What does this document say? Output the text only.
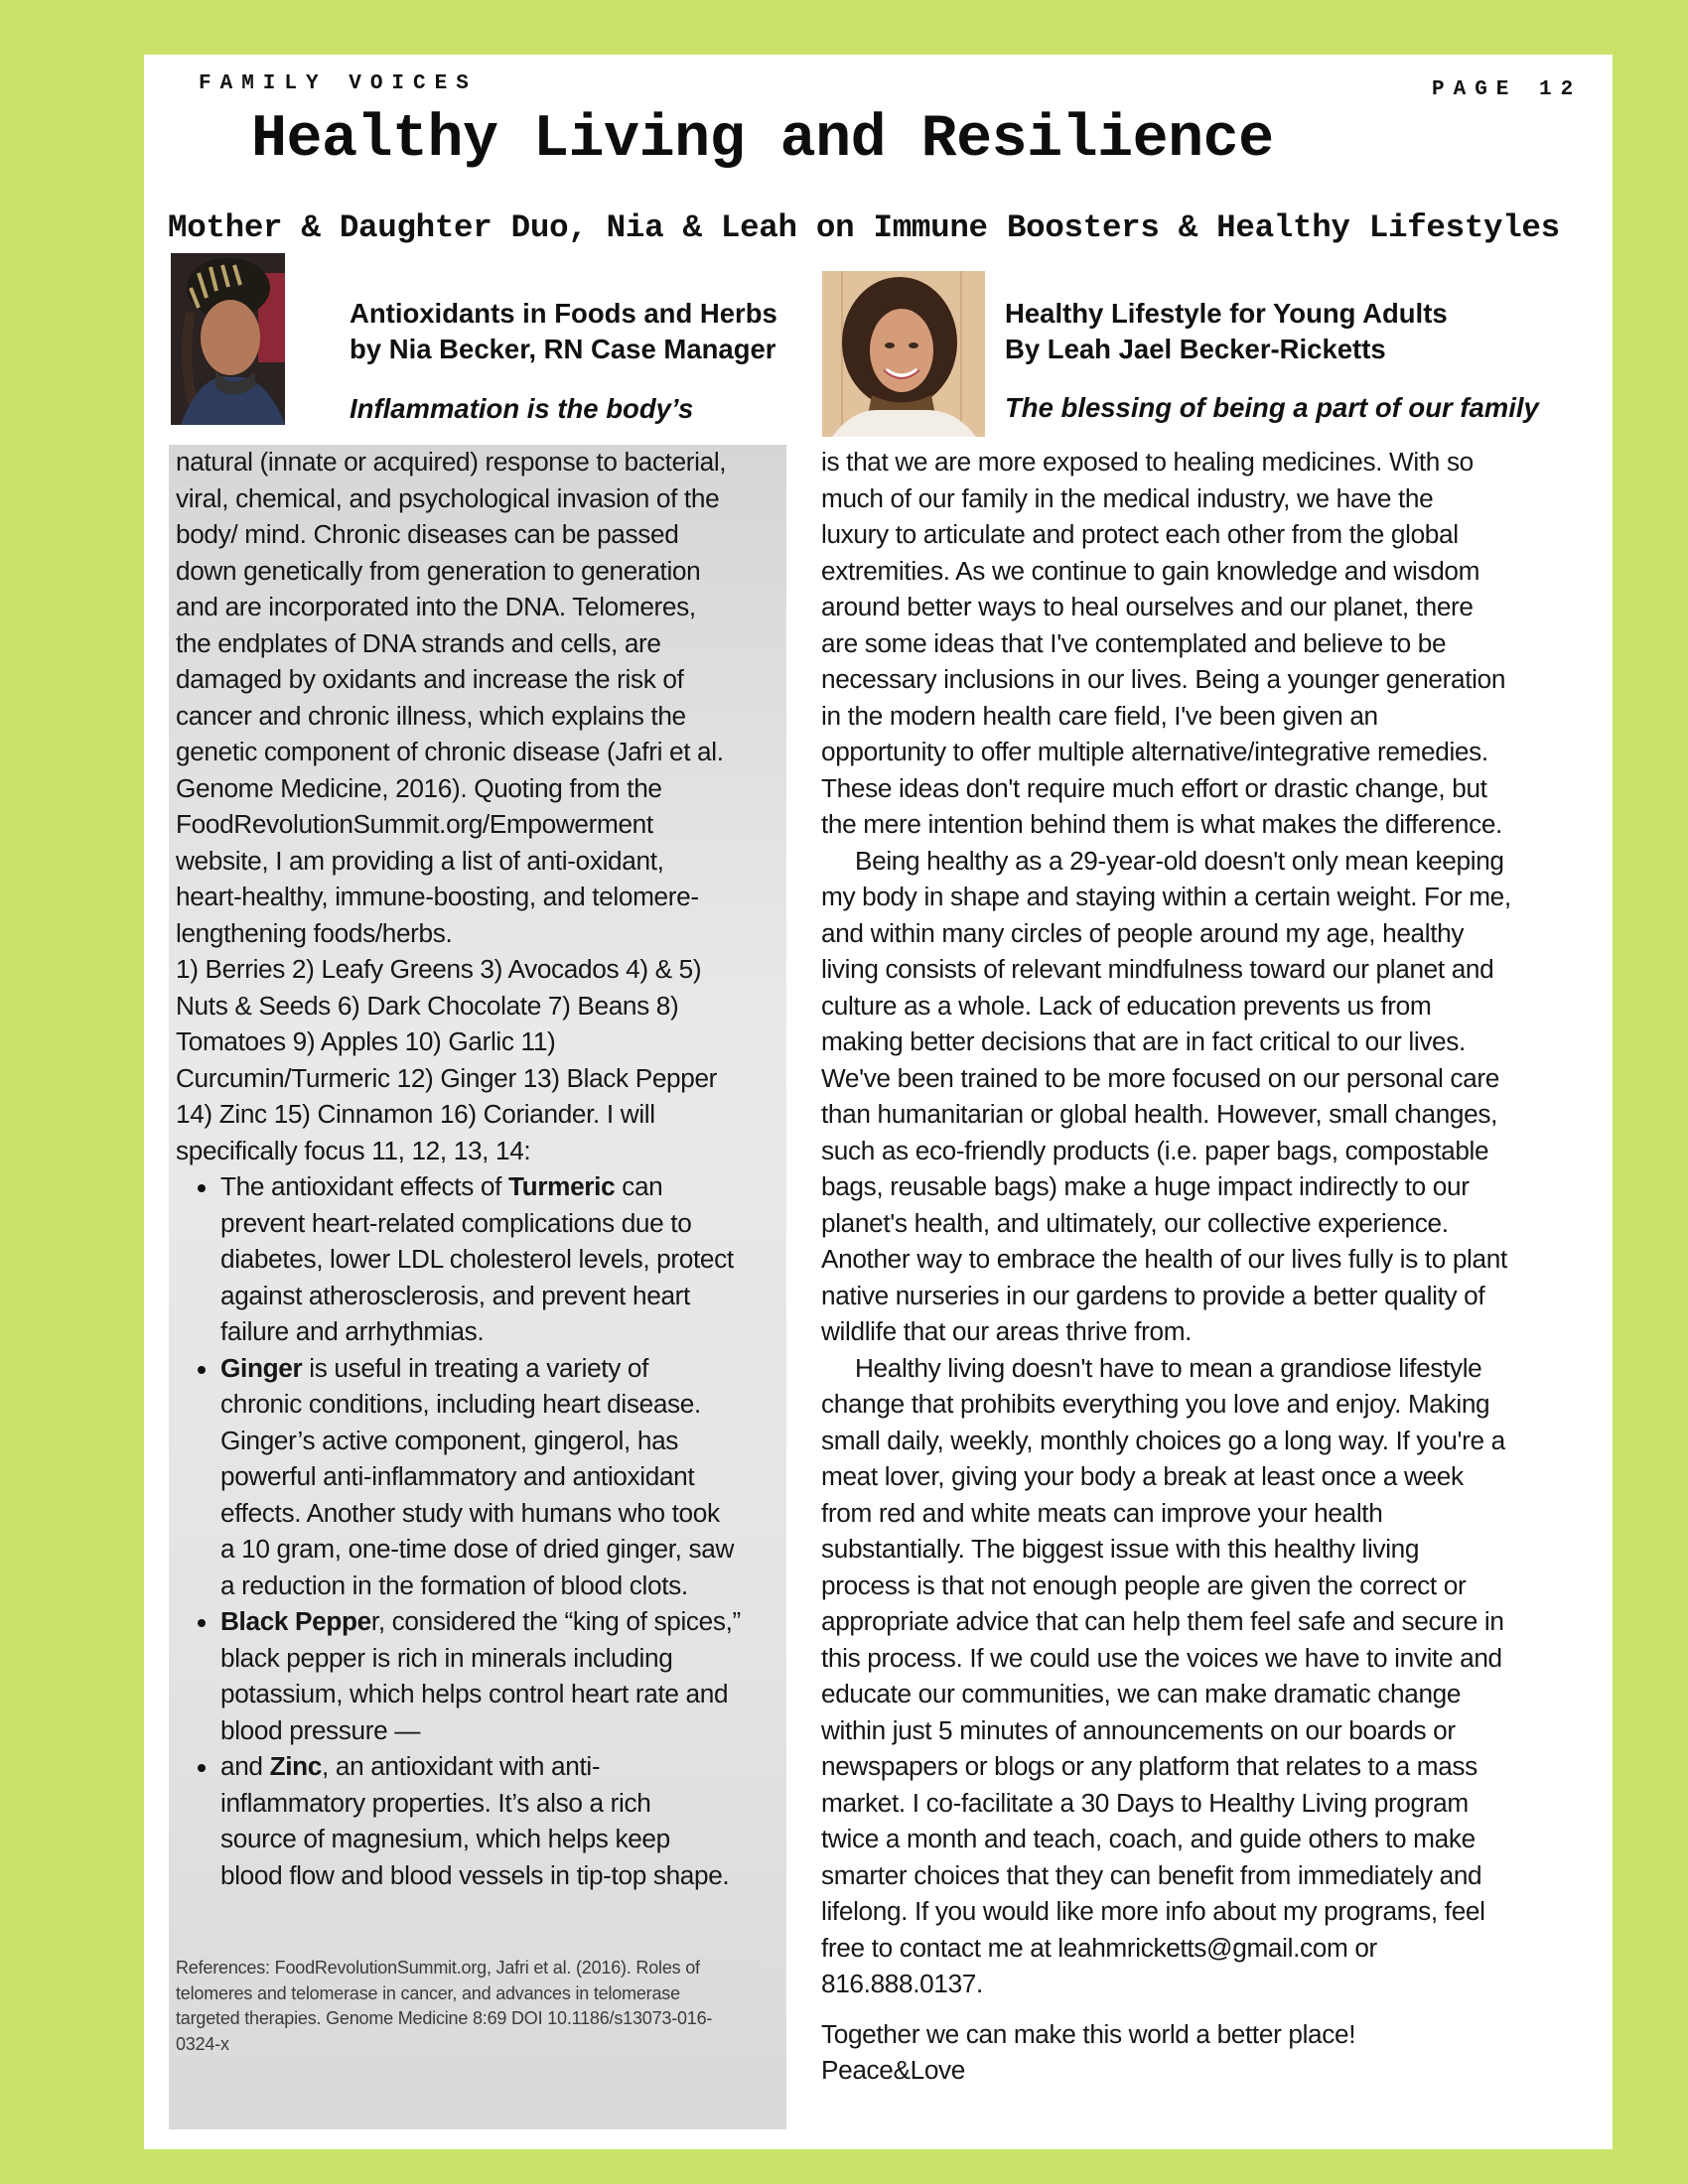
FAMILY VOICES	PAGE 12
Healthy Living and Resilience
Mother & Daughter Duo, Nia & Leah on Immune Boosters & Healthy Lifestyles
Antioxidants in Foods and Herbs
by Nia Becker, RN Case Manager
Inflammation is the body’s
Healthy Lifestyle for Young Adults
By Leah Jael Becker-Ricketts
The blessing of being a part of our family
natural (innate or acquired) response to bacterial,
viral, chemical, and psychological invasion of the
body/ mind. Chronic diseases can be passed
down genetically from generation to generation
and are incorporated into the DNA. Telomeres,
the endplates of DNA strands and cells, are
damaged by oxidants and increase the risk of
cancer and chronic illness, which explains the
genetic component of chronic disease (Jafri et al.
Genome Medicine, 2016). Quoting from the
FoodRevolutionSummit.org/Empowerment
website, I am providing a list of anti-oxidant,
heart-healthy, immune-boosting, and telomere-
lengthening foods/herbs.
1) Berries 2) Leafy Greens 3) Avocados 4) & 5)
Nuts & Seeds 6) Dark Chocolate 7) Beans 8)
Tomatoes 9) Apples 10) Garlic 11)
Curcumin/Turmeric 12) Ginger 13) Black Pepper
14) Zinc 15) Cinnamon 16) Coriander. I will
specifically focus 11, 12, 13, 14:
The antioxidant effects of Turmeric can
prevent heart-related complications due to
diabetes, lower LDL cholesterol levels, protect
against atherosclerosis, and prevent heart
failure and arrhythmias.
Ginger is useful in treating a variety of
chronic conditions, including heart disease.
Ginger’s active component, gingerol, has
powerful anti-inflammatory and antioxidant
effects. Another study with humans who took
a 10 gram, one-time dose of dried ginger, saw
a reduction in the formation of blood clots.
Black Pepper, considered the “king of spices,”
black pepper is rich in minerals including
potassium, which helps control heart rate and
blood pressure —
and Zinc, an antioxidant with anti-
inflammatory properties. It’s also a rich
source of magnesium, which helps keep
blood flow and blood vessels in tip-top shape.
is that we are more exposed to healing medicines. With so
much of our family in the medical industry, we have the
luxury to articulate and protect each other from the global
extremities. As we continue to gain knowledge and wisdom
around better ways to heal ourselves and our planet, there
are some ideas that I've contemplated and believe to be
necessary inclusions in our lives. Being a younger generation
in the modern health care field, I've been given an
opportunity to offer multiple alternative/integrative remedies.
These ideas don't require much effort or drastic change, but
the mere intention behind them is what makes the difference.
Being healthy as a 29-year-old doesn't only mean keeping
my body in shape and staying within a certain weight. For me,
and within many circles of people around my age, healthy
living consists of relevant mindfulness toward our planet and
culture as a whole. Lack of education prevents us from
making better decisions that are in fact critical to our lives.
We've been trained to be more focused on our personal care
than humanitarian or global health. However, small changes,
such as eco-friendly products (i.e. paper bags, compostable
bags, reusable bags) make a huge impact indirectly to our
planet's health, and ultimately, our collective experience.
Another way to embrace the health of our lives fully is to plant
native nurseries in our gardens to provide a better quality of
wildlife that our areas thrive from.
Healthy living doesn't have to mean a grandiose lifestyle
change that prohibits everything you love and enjoy. Making
small daily, weekly, monthly choices go a long way. If you're a
meat lover, giving your body a break at least once a week
from red and white meats can improve your health
substantially. The biggest issue with this healthy living
process is that not enough people are given the correct or
appropriate advice that can help them feel safe and secure in
this process. If we could use the voices we have to invite and
educate our communities, we can make dramatic change
within just 5 minutes of announcements on our boards or
newspapers or blogs or any platform that relates to a mass
market. I co-facilitate a 30 Days to Healthy Living program
twice a month and teach, coach, and guide others to make
smarter choices that they can benefit from immediately and
lifelong. If you would like more info about my programs, feel
free to contact me at leahmricketts@gmail.com or
816.888.0137.
Together we can make this world a better place!
Peace&Love
References: FoodRevolutionSummit.org, Jafri et al. (2016). Roles of
telomeres and telomerase in cancer, and advances in telomerase
targeted therapies. Genome Medicine 8:69 DOI 10.1186/s13073-016-
0324-x
